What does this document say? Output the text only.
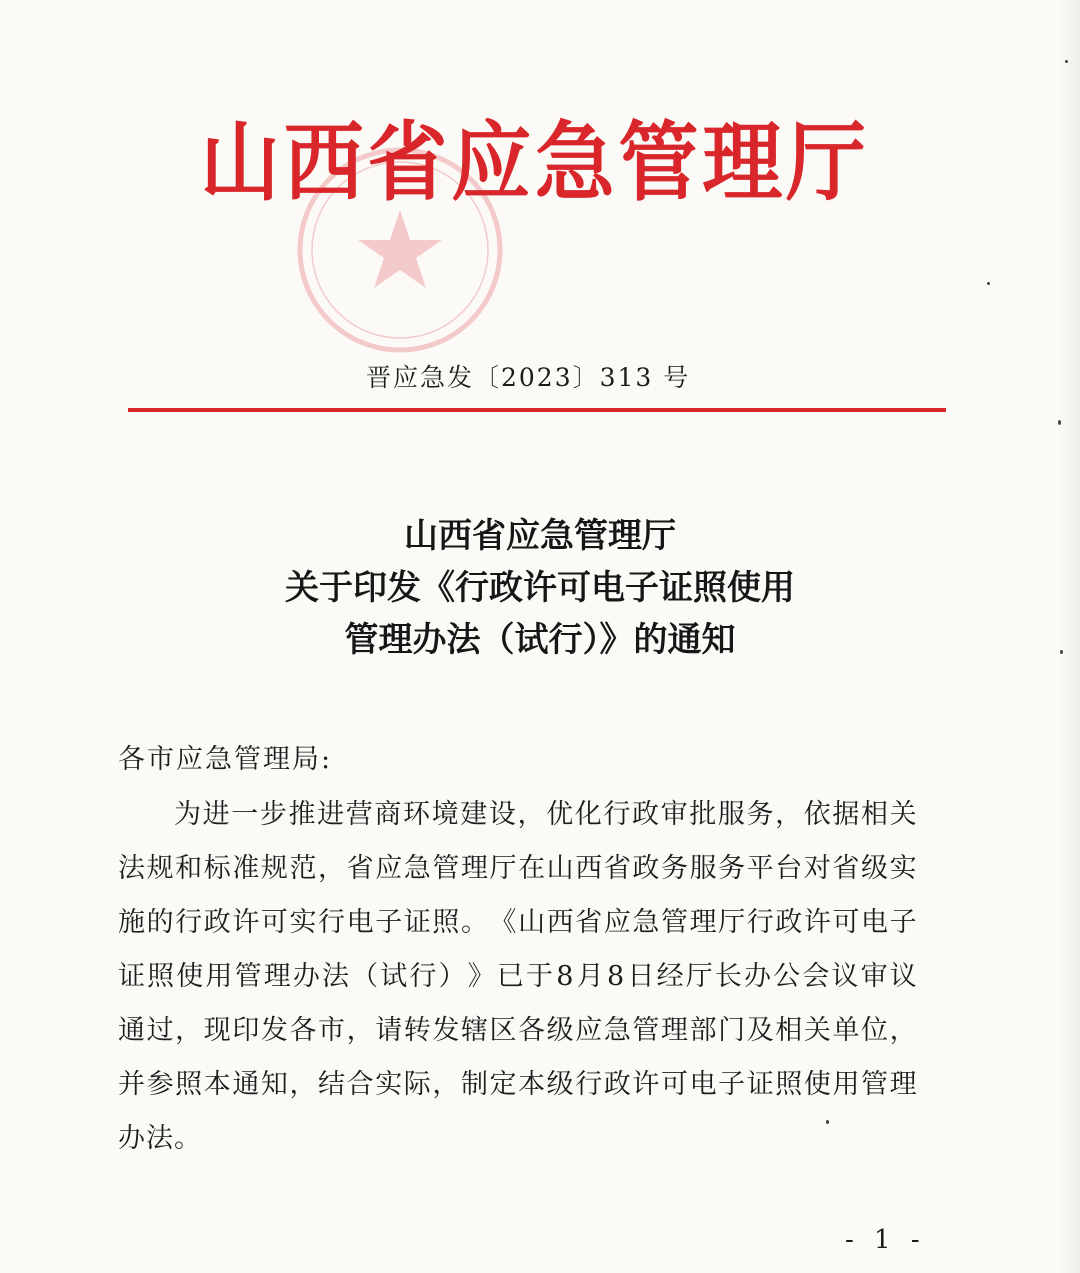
山西省应急管理厅
晋应急发〔2023〕313 号
山西省应急管理厅
关于印发《行政许可电子证照使用
管理办法（试行）》的通知
各市应急管理局:
为 进 一 步 推 进 营 商 环 境 建 设 ， 优 化 行 政 审 批 服 务 ， 依 据 相 关
法 规 和 标 准 规 范 ， 省 应 急 管 理 厅 在 山 西 省 政 务 服 务 平 台 对 省 级 实
施 的 行 政 许 可 实 行 电 子 证 照 。 《 山 西 省 应 急 管 理 厅 行 政 许 可 电 子
证 照 使 用 管 理 办 法 （ 试 行 ） 》 已 于 8 月 8 日 经 厅 长 办 公 会 议 审 议
通 过 ， 现 印 发 各 市 ， 请 转 发 辖 区 各 级 应 急 管 理 部 门 及 相 关 单 位 ，
并 参 照 本 通 知 ， 结 合 实 际 ， 制 定 本 级 行 政 许 可 电 子 证 照 使 用 管 理
办法。
- 1 -
